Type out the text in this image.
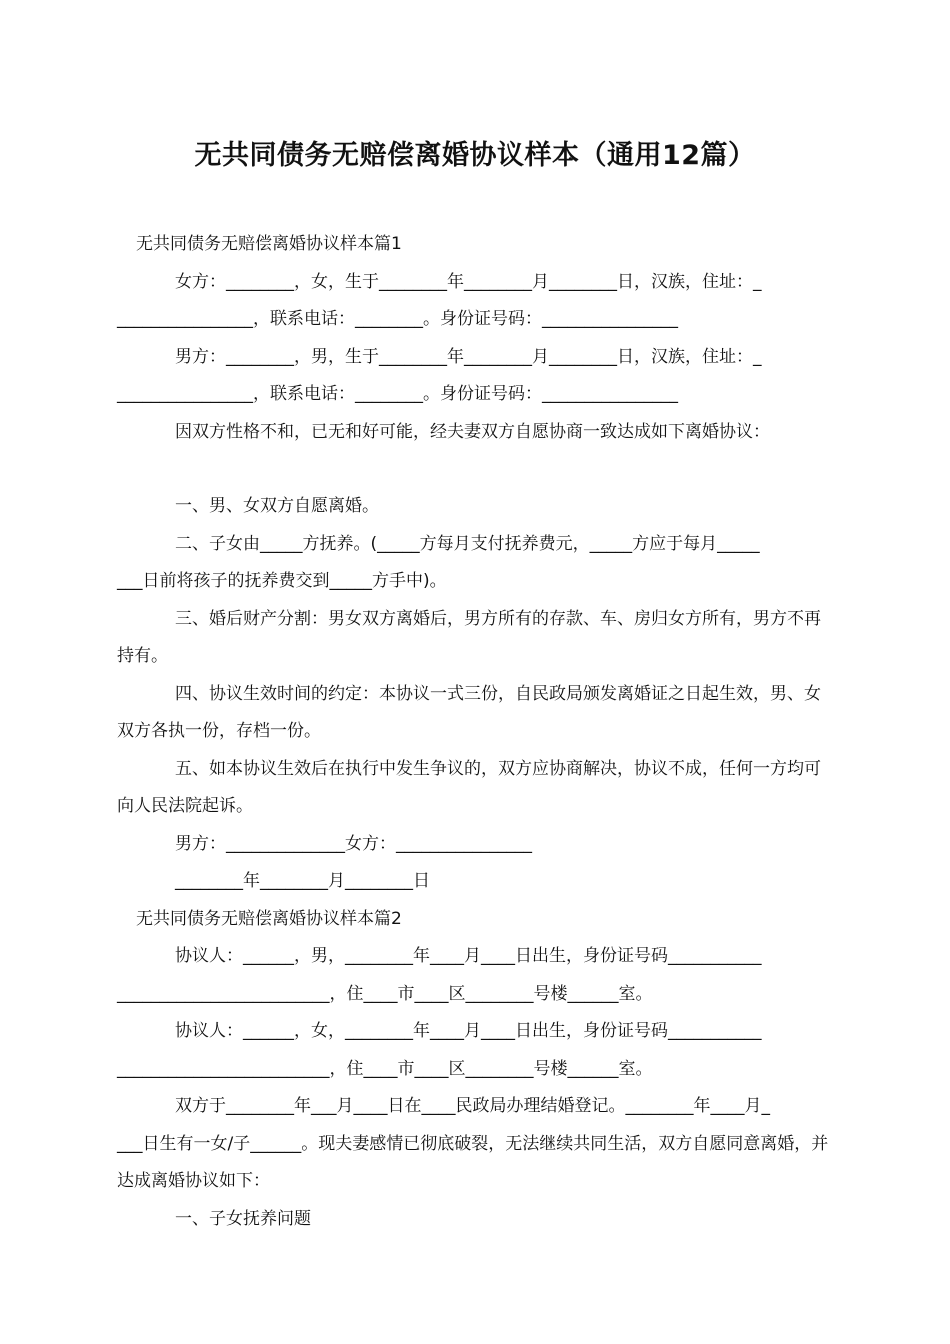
无共同债务无赔偿离婚协议样本（通用12篇）

无共同债务无赔偿离婚协议样本篇1

女方：________，女，生于________年________月________日，汉族，住址：_

________________，联系电话：________。身份证号码：________________

男方：________，男，生于________年________月________日，汉族，住址：_

________________，联系电话：________。身份证号码：________________

因双方性格不和，已无和好可能，经夫妻双方自愿协商一致达成如下离婚协议：

一、男、女双方自愿离婚。

二、子女由_____方抚养。(_____方每月支付抚养费元，_____方应于每月_____

___日前将孩子的抚养费交到_____方手中)。

三、婚后财产分割：男女双方离婚后，男方所有的存款、车、房归女方所有，男方不再持有。

四、协议生效时间的约定：本协议一式三份，自民政局颁发离婚证之日起生效，男、女双方各执一份，存档一份。

五、如本协议生效后在执行中发生争议的，双方应协商解决，协议不成，任何一方均可向人民法院起诉。

男方：______________女方：________________

________年________月________日

无共同债务无赔偿离婚协议样本篇2

协议人：______，男，________年____月____日出生，身份证号码___________

_________________________，住____市____区________号楼______室。

协议人：______，女，________年____月____日出生，身份证号码___________

_________________________，住____市____区________号楼______室。

双方于________年___月____日在____民政局办理结婚登记。________年____月_

___日生有一女/子______。现夫妻感情已彻底破裂，无法继续共同生活，双方自愿同意离婚，并达成离婚协议如下：

一、子女抚养问题
